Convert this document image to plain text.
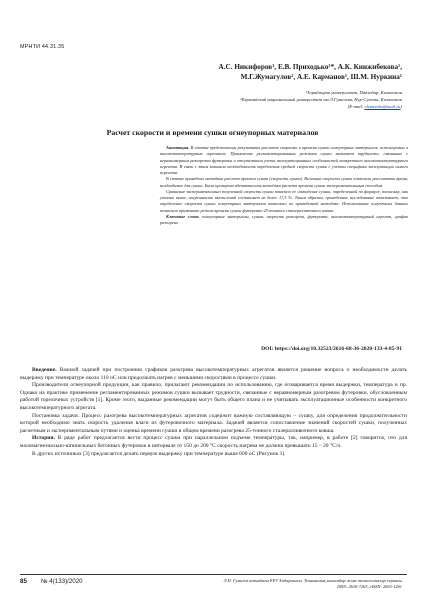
МРНТИ 44.31.35
А.С. Никифоров¹, Е.В. Приходько¹*, А.К. Кинжибекова¹,
М.Г.Жумагулов², А.Е. Карманов¹, Ш.М. Нуркина¹
¹Торайгыров университет, Павлодар, Казахстан
²Евразийский национальный университет им.Л.Гумилева, Нур-Султан, Казахстан
(E-mail: elenaveka@mail.ru)
Расчет скорости и времени сушки огнеупорных материалов

Аннотация. В статье представлены результаты расчетов скорости и времени сушки огнеупорных материалов, используемых в высокотемпературных агрегатах. Применение регламентированных режимов сушки вызывает трудности, связанные с неравномерным разогревом футеровки и отсутствием учета эксплуатационных особенностей конкретного высокотемпературного агрегата. В связи с этим возникла необходимость определения средней скорости сушки с учетом специфики эксплуатации самого агрегата.

В статье приведена методика расчета времени сушки (скорости сушки). Величина скорости сушки позволила рассчитать время, необходимое для сушки. Была проверена адекватность методики расчета времени сушки экспериментальным способом.

Сравнение экспериментально полученной скорости сушки показало ее совпадение сушки, определенной по формуле, поскольку, как указано выше, погрешность вычислений составляет не более 17,5 %. Таким образом, проведенное исследование показывает, что определение скорости сушки огнеупорных материалов возможно по приведенной методике. Использование полученных данных позволило применить режим времени сушки футеровки 25-тонного сталеразливочного ковша.

Ключевые слова: огнеупорные материалы, сушка, скорость разогрева, футеровка, высокотемпературный агрегат, график разогрева.

DOI: https://doi.org/10.32523/2616-68-36-2020-133-4-85-91

Введение. Важной задачей при построении графиков разогрева высокотемпературных агрегатов является решение вопроса о необходимости делать выдержку при температуре около 110 оС или продолжать нагрев с меньшими скоростями в процессе сушки.

Производители огнеупорной продукции, как правило, прилагают рекомендации по использованию, где оговаривается время выдержки, температура и пр. Однако на практике применение регламентированных режимов сушки вызывает трудности, связанные с неравномерным разогревом футеровки, обусловленным работой горелочных устройств [1]. Кроме этого, выданные рекомендации могут быть общего плана и не учитывать эксплуатационные особенности конкретного высокотемпературного агрегата.

Постановка задачи. Процесс разогрева высокотемпературных агрегатов содержит важную составляющую – сушку, для определения продолжительности которой необходимо знать скорость удаления влаги из футеровочного материала. Задачей является сопоставление значений скоростей сушки, полученных расчетным и экспериментальным путями и оценка времени сушки в общем времени разогрева 25-тонного сталеразливочного ковша.

История. В ряде работ предлагается вести процесс сушки при параллельном подъеме температуры, так, например, в работе [2] говорится, что для маломагнезиально-шпинельных бетонных футеровок в интервале от 150 до 200 °С скорость нагрева не должна превышать 15 – 20 °С/ч.

В других источниках [3] предлагается делать первую выдержку при температуре выше 600 оС (Рисунок 1).

85 № 4(133)/2020	Л.Н. Гумилев атындағы ЕҰУ Хабаршысы. Техникалық ғылымдар және технологиялар сериясы
ISSN: 2616-7263, eISSN: 2663-1261
